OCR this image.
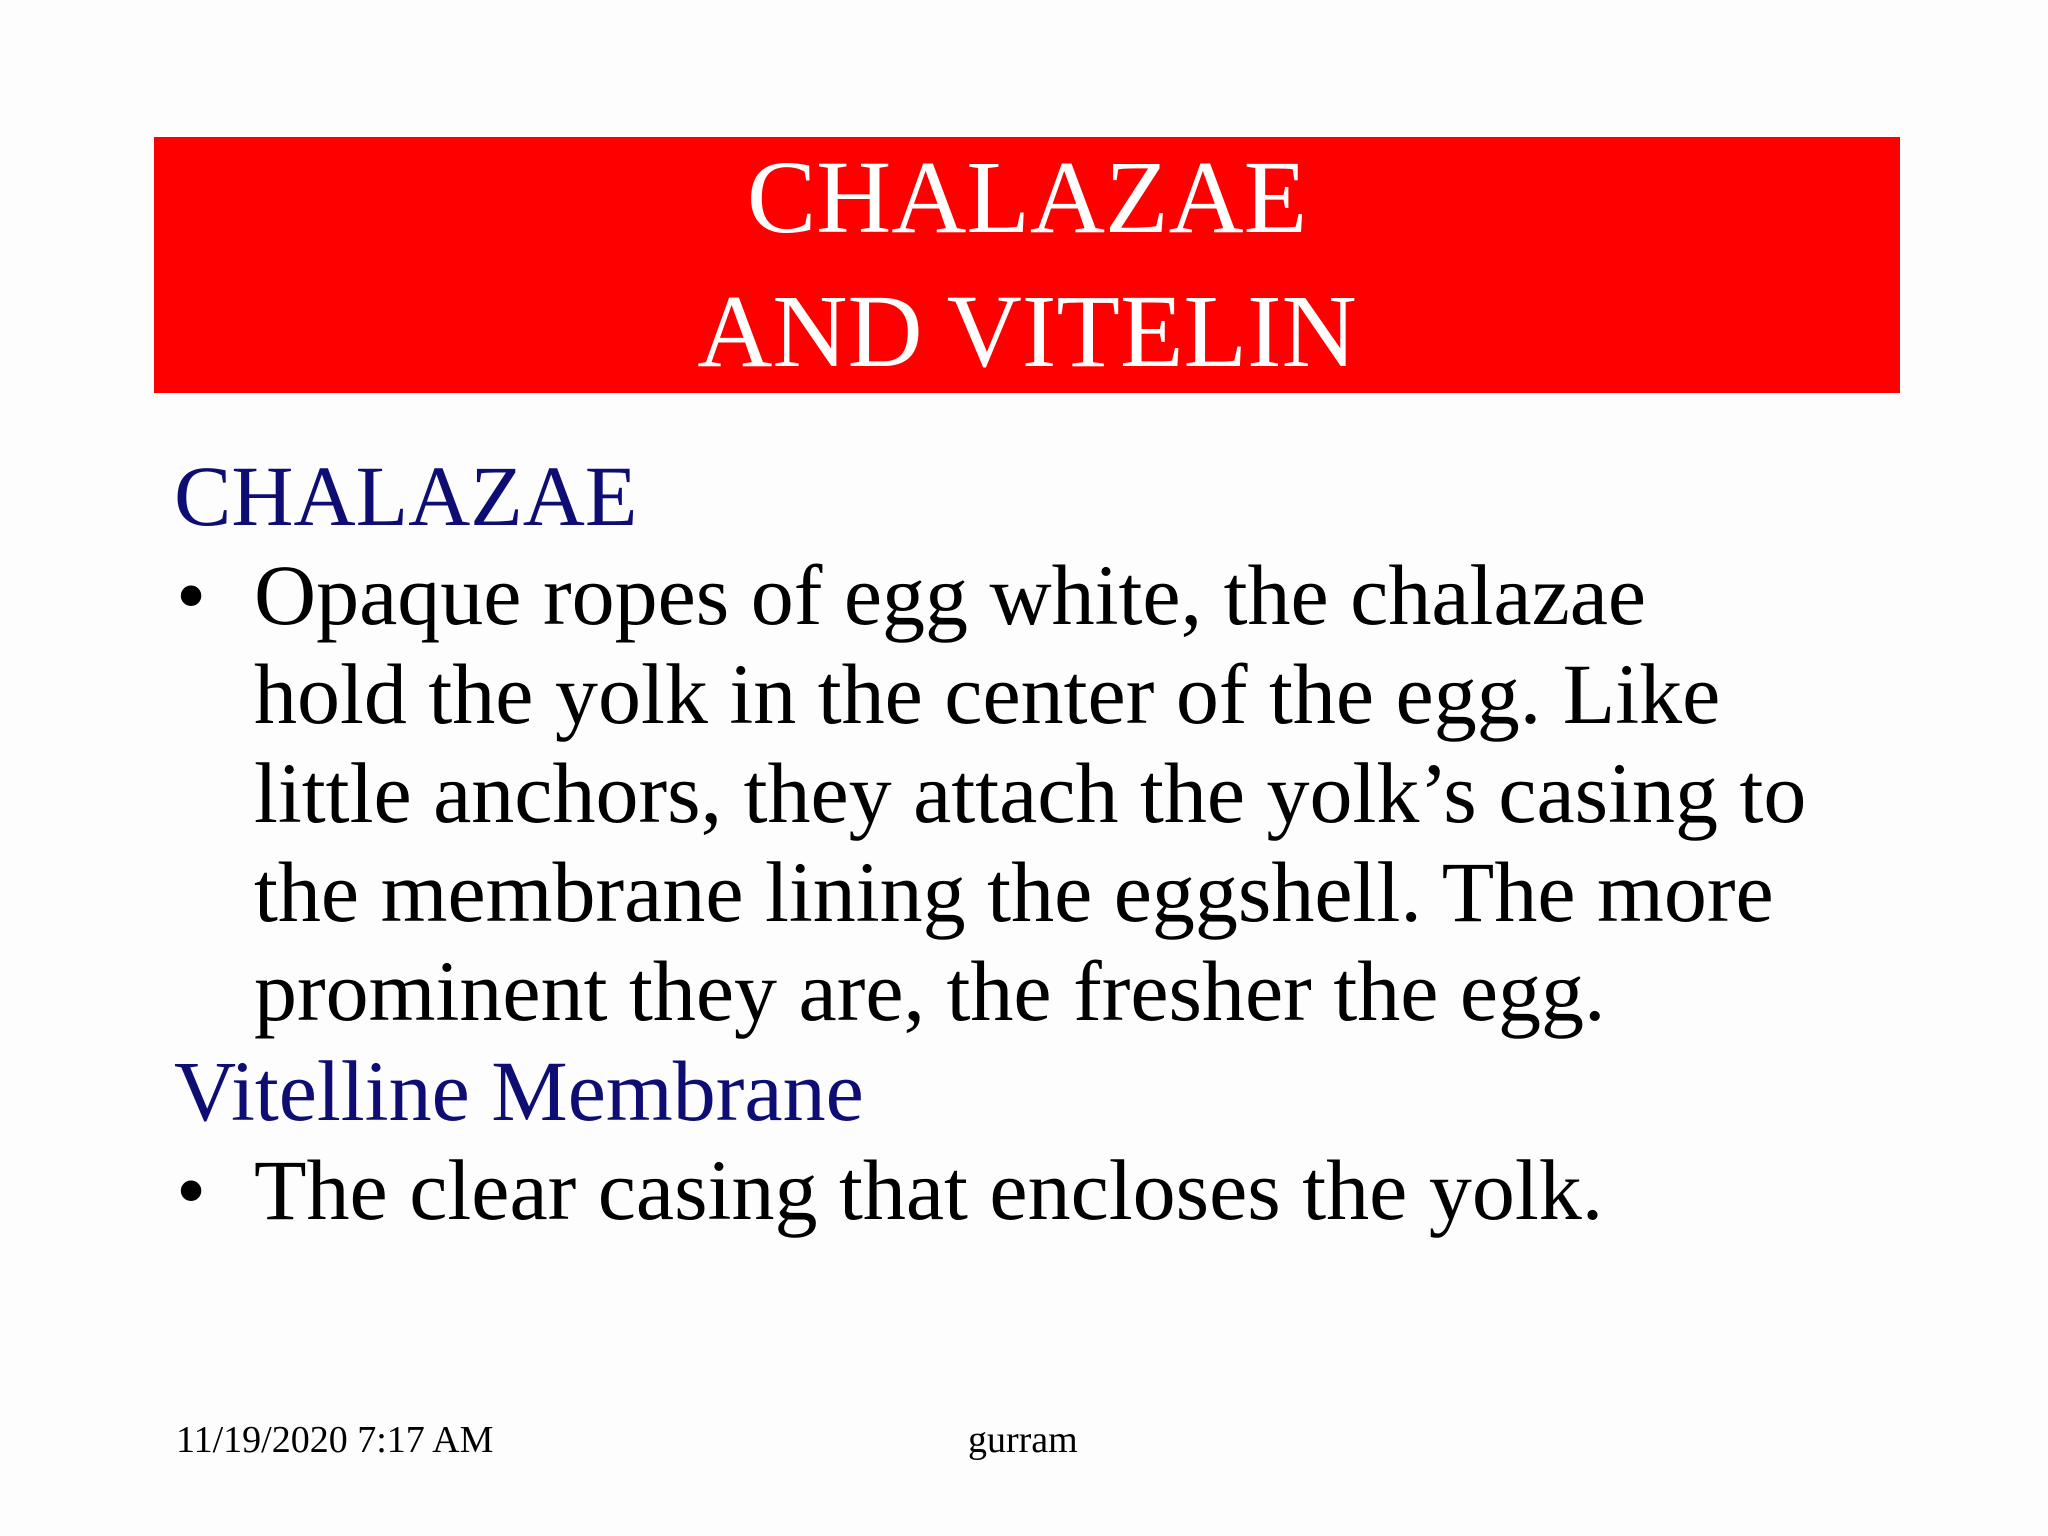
CHALAZAE
AND VITELIN

CHALAZAE

• Opaque ropes of egg white, the chalazae hold the yolk in the center of the egg. Like little anchors, they attach the yolk’s casing to the membrane lining the eggshell. The more prominent they are, the fresher the egg.

Vitelline Membrane

• The clear casing that encloses the yolk.

11/19/2020 7:17 AM	gurram
